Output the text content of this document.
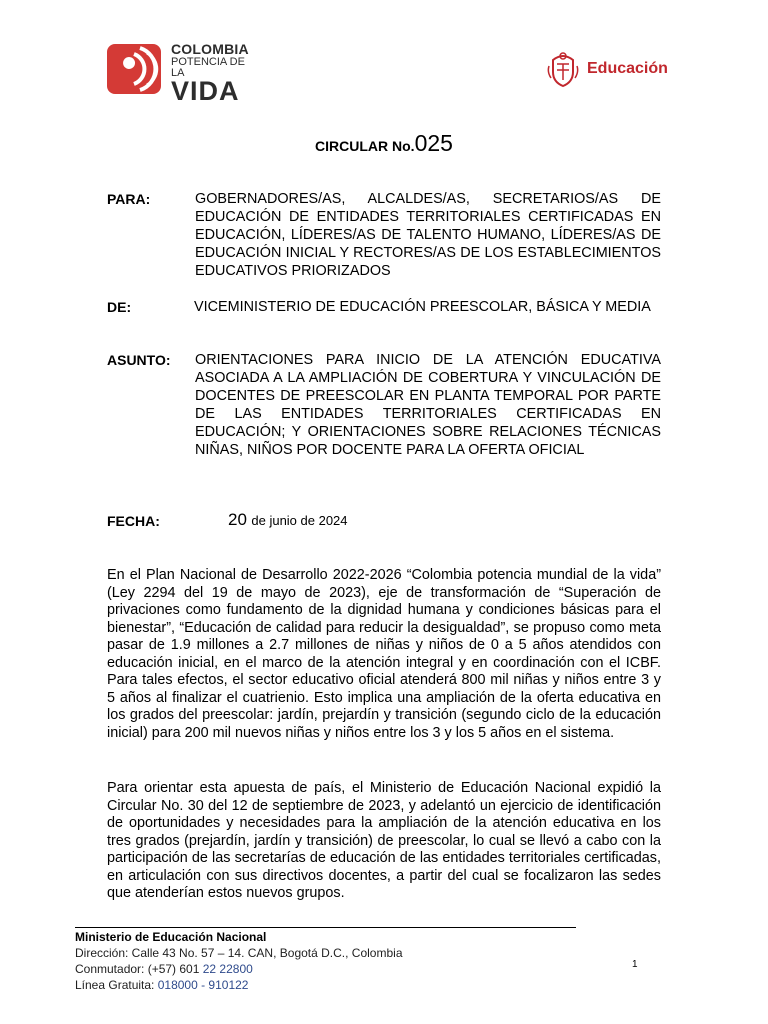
COLOMBIA
POTENCIA DE LA
VIDA
Educación
CIRCULAR No.025
PARA:	GOBERNADORES/AS, ALCALDES/AS, SECRETARIOS/AS DE EDUCACIÓN DE ENTIDADES TERRITORIALES CERTIFICADAS EN EDUCACIÓN, LÍDERES/AS DE TALENTO HUMANO, LÍDERES/AS DE EDUCACIÓN INICIAL Y RECTORES/AS DE LOS ESTABLECIMIENTOS EDUCATIVOS PRIORIZADOS
DE:	VICEMINISTERIO DE EDUCACIÓN PREESCOLAR, BÁSICA Y MEDIA
ASUNTO: ORIENTACIONES PARA INICIO DE LA ATENCIÓN EDUCATIVA ASOCIADA A LA AMPLIACIÓN DE COBERTURA Y VINCULACIÓN DE DOCENTES DE PREESCOLAR EN PLANTA TEMPORAL POR PARTE DE LAS ENTIDADES TERRITORIALES CERTIFICADAS EN EDUCACIÓN; Y ORIENTACIONES SOBRE RELACIONES TÉCNICAS NIÑAS, NIÑOS POR DOCENTE PARA LA OFERTA OFICIAL
FECHA:	20 de junio de 2024
En el Plan Nacional de Desarrollo 2022-2026 “Colombia potencia mundial de la vida” (Ley 2294 del 19 de mayo de 2023), eje de transformación de “Superación de privaciones como fundamento de la dignidad humana y condiciones básicas para el bienestar”, “Educación de calidad para reducir la desigualdad”, se propuso como meta pasar de 1.9 millones a 2.7 millones de niñas y niños de 0 a 5 años atendidos con educación inicial, en el marco de la atención integral y en coordinación con el ICBF. Para tales efectos, el sector educativo oficial atenderá 800 mil niñas y niños entre 3 y 5 años al finalizar el cuatrienio. Esto implica una ampliación de la oferta educativa en los grados del preescolar: jardín, prejardín y transición (segundo ciclo de la educación inicial) para 200 mil nuevos niñas y niños entre los 3 y los 5 años en el sistema.
Para orientar esta apuesta de país, el Ministerio de Educación Nacional expidió la Circular No. 30 del 12 de septiembre de 2023, y adelantó un ejercicio de identificación de oportunidades y necesidades para la ampliación de la atención educativa en los tres grados (prejardín, jardín y transición) de preescolar, lo cual se llevó a cabo con la participación de las secretarías de educación de las entidades territoriales certificadas, en articulación con sus directivos docentes, a partir del cual se focalizaron las sedes que atenderían estos nuevos grupos.
Ministerio de Educación Nacional
Dirección: Calle 43 No. 57 – 14. CAN, Bogotá D.C., Colombia
Conmutador: (+57) 601 22 22800
Línea Gratuita: 018000 - 910122
1
